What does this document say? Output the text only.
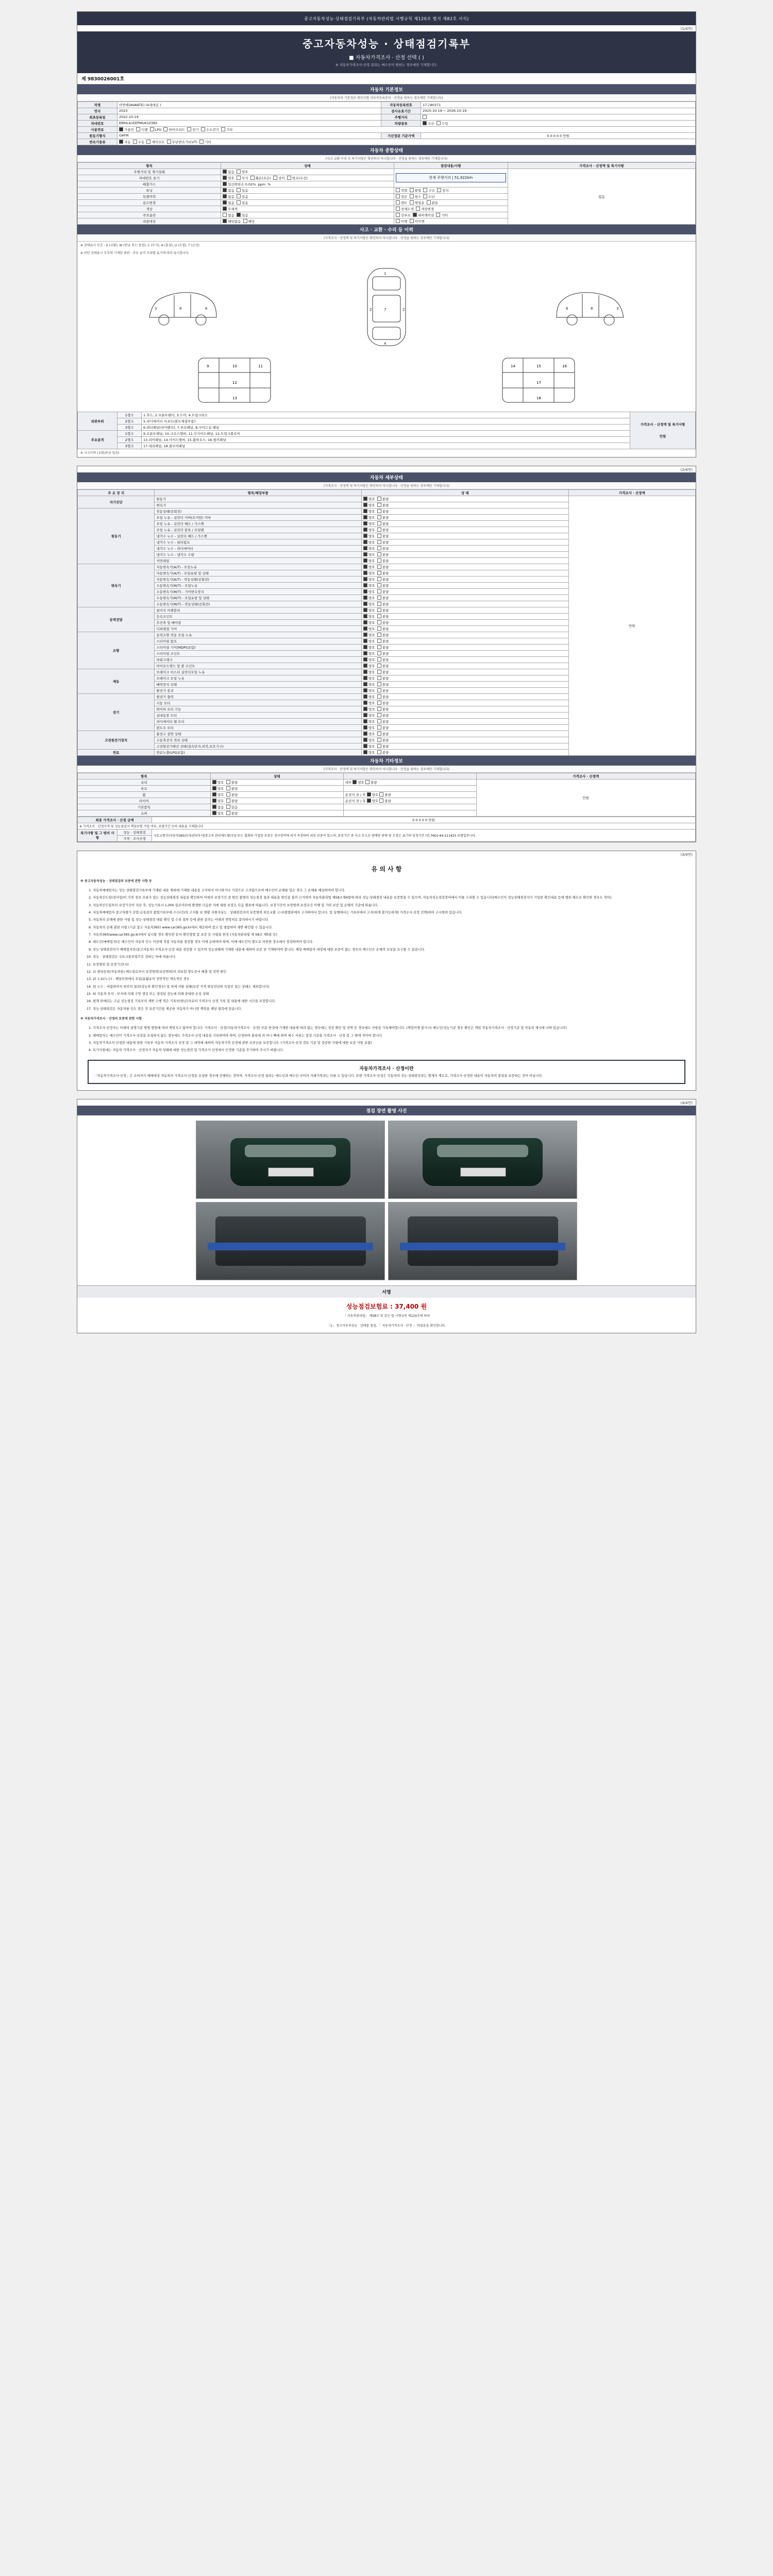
중고자동차성능·상태점검기록부 (자동차관리법 시행규칙 제120조 별지 제82호 서식)
(1/4면)
중고자동차성능 · 상태점검기록부
■ 자동차가격조사 · 산정 선택 ( )
※ 자동차가격조사·산정 결과는 매수인이 원하는 경우에만 기재합니다.
제 9830026001호
자동차 기본정보
(자동차의 기본정보 확인사항 자동차등록증과 · 산정을 원하는 경우에만 기재합니다)
차명	아반떼(AVANTE) (4세대급 )	자동차등록번호	17구80371
연식	2023	검사유효기간	2025-10-19 ~ 2026-10-19
최초등록일	2022-10-19	주행거리	
차대번호	KMHLA1EEPMU610385	차량종류	국산 수입
사용연료	가솔린 디젤 LPG 하이브리드 전기 수소전기 기타		
원동기형식	G4FM	기산정된 기준가액	0 0 0 0 0 만원
변속기종류	자동 수동 세미오토 무단변속기(CVT) 기타		
자동차 종합상태
(사고·교환·수리 등 특기사항은 확인하지 아니합니다 · 산정을 원하는 경우에만 기재합니다)
항목	상태	점검내용/사항	가격조사 · 산정액 및 특기사항
주행거리 및 계기상태	없음 양호	현재 주행거리 | 51,922km	없음
차대번호 표기	양호 부식 훼손(오손) 상이 변조(우선)		
배출가스	일산화탄소 0.02% ppm %		
튜닝	없음 있음	적법 불법 구조 장치	
특별이력	없음 있음	전손 침수 도난	
용도변경	없음 있음	렌트 영업용 관용	
색상	무채색	전체도색 색상변경	
주요옵션	없음 있음	선루프 내비게이션 기타	
리콜대상	해당없음 해당	이행 미이행	
사고 · 교환 · 수리 등 이력
(가격조사 · 산정액 및 특기사항은 확인하지 아니합니다 · 산정을 원하는 경우에만 기재합니다)
※ 상태표시 부호 : X (교환), W (판금 또는 용접), C (부식), A (흠집), U (요철), T (손상)
※ 하단 상태표시 부호에 기재된 외판 · 주요 골격 부위별 표기에 따라 표시합니다.
3	8	6
1
4
2	2
7	3
8
6
9	10	11
12
13
14	15	16
17
18
외판부위	1랭크	1.후드, 2.프론트펜더, 3.도어, 4.트렁크리드	가격조사 · 산정액 및 특기사항
만원

	2랭크	5.라디에이터 서포트(볼트체결부품)	
	3랭크	6.쿼터패널(리어펜더), 7.루프패널, 8.사이드실 패널	
주요골격	1랭크	9.프론트패널, 10.크로스멤버, 11.인사이드패널, 12.트렁크플로어	
	2랭크	13.리어패널, 14.사이드멤버, 15.휠하우스, 16.필러패널	
	3랭크	17.대쉬패널, 18.플로어패널	
※ 사고이력 (교환/판금 있음)
(2/4면)
자동차 세부상태
(가격조사 · 산정액 및 특기사항은 확인하지 아니합니다 · 산정을 원하는 경우에만 기재합니다)
주 요 장 치	항목/해당부품	상 태	가격조사 · 산정액
자기진단	원동기	양호  불량	만원
	변속기	양호  불량	
원동기	작동상태(공회전)	양호  불량	
	오일 누유 - 실린더 커버(로커암) 커버	양호  불량	
	오일 누유 - 실린더 헤드 / 가스켓	양호  불량	
	오일 누유 - 실린더 블록 / 오일팬	양호  불량	
	냉각수 누수 - 실린더 헤드 / 가스켓	양호  불량	
	냉각수 누수 - 워터펌프	양호  불량	
	냉각수 누수 - 라디에이터	양호  불량	
	냉각수 누수 - 냉각수 수량	양호  불량	
	커먼레일	양호  불량	
변속기	자동변속기(A/T) - 오일누유	양호  불량	
	자동변속기(A/T) - 오일유량 및 상태	양호  불량	
	자동변속기(A/T) - 작동상태(공회전)	양호  불량	
	수동변속기(M/T) - 오일누유	양호  불량	
	수동변속기(M/T) - 기어변속장치	양호  불량	
	수동변속기(M/T) - 오일유량 및 상태	양호  불량	
	수동변속기(M/T) - 작동상태(공회전)	양호  불량	
동력전달	클러치 어셈블리	양호  불량	
	등속조인트	양호  불량	
	추진축 및 베어링	양호  불량	
	디퍼렌셜 기어	양호  불량	
조향	동력조향 작동 오일 누유	양호  불량	
	스티어링 펌프	양호  불량	
	스티어링 기어(MDPS포함)	양호  불량	
	스티어링 조인트	양호  불량	
	파워크랭크	양호  불량	
	타이로드엔드 및 볼 조인트	양호  불량	
제동	브레이크 마스터 실린더오일 누유	양호  불량	
	브레이크 오일 누유	양호  불량	
	배력장치 상태	양호  불량	
	탈진기 붕괴	양호  불량	
전기	발전기 출력	양호  불량	
	시동 모터	양호  불량	
	와이퍼 모터 기능	양호  불량	
	실내송풍 모터	양호  불량	
	라디에이터 팬 모터	양호  불량	
	윈도우 모터	양호  불량	
고전원전기장치	충전구 절연 상태	양호  불량	
	구동축전지 격리 상태	양호  불량	
	고전원전기배선 상태(접속단자,피복,보호기구)	양호  불량	
연료	연료누출(LPG포함)	양호  불량	
자동차 기타정보
(가격조사 · 산정액 및 특기사항은 확인하지 아니합니다 · 산정을 원하는 경우에만 기재합니다)
항목	상태		가격조사 · 산정액
유리	양호  불량	내부 양호 불량	만원
루프	양호  불량		
휠	양호  불량	운전석 전 / 후 양호 불량	
타이어	양호  불량	운전석 전 / 후 양호 불량	
기본품목	없음  있음		
쇼바	양호  불량		
최종 가격조사 · 산정 금액		0 0 0 0 0 만원
※ 가격조사 · 산정가격 및 성능점검자 책임보험 가입 여부, 보험기간 등의 내용을 기재합니다		
특기사항 및 그 밖의 사항	성능 · 상태점검	국토교통부(자동차365)등록관리부서[중고차 관리제도팀(무)] 또는 협회와 가입한 보증은 검사장비에 의거 측정하여 외부 보증이 있으며, 보증기간 중 사고 등으로 판매한 판매 및 도장은 표기의 일정기간 (전,7601-64-211425 보험업무니다.
	가격 · 조사산정	
(3/4면)
유 의 사 항
※ 중고자동차성능 · 상태점검의 보증에 관한 사항 등
1. 자동차매매업자는 성능·상태점검기록부에 기재된 내용 제외에 기재한 내용을 고지하지 아니하거나 거짓으로 고지함으로써 매수인이 손해를 입은 경우 그 손해를 배상하여야 합니다.
2. 자동차인도일(검사일)이 거친 정보 오류가 있는 성능상태점검 내용을 확인하여 이에의 보장기간 중 원인 불명의 성능점검 결과 내용을 원인을 불러 근거하여 자동차관리법 제58조제4항에 따라 성능·상태점검 내용을 보증받을 수 있으며, 자동차성능점검장비에서 이를 수리할 수 있습니다(매수인이 성능상태점검자가 기입한 확인내용 등에 행한 해도로 확인한 경우도 적어).
3. 자동차인도일부터 보장기간이 지난 후, 성능기록시 1,000 킬로미터에 발생한 다음한 자에 대한 보장은 다음 별표에 따릅니다. 보장기간이 보장범위·보장조건 이행 및 기타 보증 및 손해의 기준에 따릅니다.
4. 자동차매매업자 중고차평가 산업·금융권의 불법기록부에 수수(건)의 고지를 보 현황 지원자님는 · 상태점검자의 보증범위 외로교환 고시(불법판매자 고지하여서 합니다. 및 실행에서는 기록부에서 고지(하게 불가능하게) 가격조사·산정 선택)하여 고시범위 있습니다.
5. 자동차의 손해에 관한 사항 및 성능·상태점검 내용 확인 및 수리 절차 등에 관한 문의는 아래의 연락처로 문의하시기 바랍니다.
6. 자동차의 손해 관한 사항 (기준 참고 자동차365) www.car365.go.kr에서 제공하며 참고 및 열람하여 제반 확인할 수 있습니다.
7. 자동차365(www.car365.go.kr)에서 실시할 경우 확인한 문서 확인방법 및 보증 등 사항을 한것 (자동차관리법 제 58조 제5항 등)
8. 매도인(매매업자)은 매수인이 자동차 인수 이전에 직접 자동차를 점검할 경우 이에 응하여야 하며, 이때 매도인이 별도로 마련한 장소에서 점검하여야 합니다.
9. 성능·상태점검자가 매매업자인(중고자동차) 가격조사·산정 내용 검증할 수 있으며 성능상태에 기재한 내용에 대하여 보증 중 기재하여야 합니다. 해당 매매업자 대상에 대한 보증이 없는 경우의 매수인은 손해의 보상을 요구할 수 있습니다.
10. 성능 · 상태점검은 국토교통부령으로 정하는 바에 따릅니다.
11. 보장범위 및 보장기간(시)
12. 1) 관리등록(자동차용) 매도일로부터 보장범위(보증범위)의 피보험 양도증서 배출 및 전반 원인
13. 2) 누유(누수) : 해당부위에서 오일/윤활유이 전반적인 계속적인 경우
14. 3) 누수 : 저렴하여서 외부의 결과(성능차 확인경우) 및 차에 저항 상태(보증 가격 현상진단한 독일부 있는 상태는 제외합니다)
15. 4) 자동차 부식 : 부식에 의해 구멍 생성 또는 생성된 성능에 의해 중대한 손상 상태
16. 현재 판매되는 고급 성능점검 기록부의 제반 수행 적은 기록부(현금)자료의 가격조사 산정 기록 및 내용에 대한 시간을 보장합니다.
17. 성능·상태점검은 자동차를 인도 받은 후 보증기간을 제공한 자동차가 아니면 책임을 해당 항목에 있습니다.
※ 자동차가격조사 · 산정의 보증에 관한 사항
1. 가격조사·산정자는 아래의 설명기준 방법 방법에 따라 책임지고 않아야 합니다. 가격조사 · 산정(자동차가격조사 · 산정) 부분 한것에 기재한 내용에 따라 없는 경우에는 검증 확인 및 선택 등 경우에도 사항을 기록해야합니다. (책임이행 불가시) 매도인(성능기준 경우 확인은 책임 자동차가격조사 · 산정기준 및 자동차 제시에 나와 있습니다)
2. 매매업자는 매수인이 기격조사·산정을 요청하지 않는 경우에도 가격조사·산정 내용을 기록하여야 하며, 산정하여 불리에 의 아니 빠에 하며 매수 서류는 일정 기준을 가격조사 · 산정 및 그 밖에 적어야 합니다.
3. 자동차가격조사·산정한 내용에 당한 기록부 자동차 가격조사 산정 및 그 내역에 대하여 자동차가격 산정에 관한 보증금을 보증합니다. (가격조사·산정 검토 기준 및 검증한 사항에 대한 보증 사항 포함)
4. 특기사항에는 자동차 가격조사 · 산정자가 자동차 상태에 대한 성능점검 및 가격조사 산정에서 인정한 기준을 추가하여 주시기 바랍니다.
자동차가격조사 · 산정이란

「자동차가격조사·산정」은 소비자가 매매대상 자동차의 가격조사·산정을 요청한 경우에 진행하는 것이며, 가격조사·산정 결과는 매도인과 매수인 사이의 거래가격과는 다를 수 있습니다. 또한 가격조사·산정은 자동차의 성능·상태점검과는 별개의 제도로, 가격조사·산정한 내용이 자동차의 품질을 보증하는 것이 아닙니다.

(4/4면)
점검 장면 촬영 사진
서명
성능점검보험료 : 37,400 원
「 자동차관리법」 제58조 및 같은 법 시행규칙 제120조에 따라
「1」 중고자동차성능 · 상태를 점검, 「 자동차가격조사 · 산정 」 하였음을 확인합니다.
